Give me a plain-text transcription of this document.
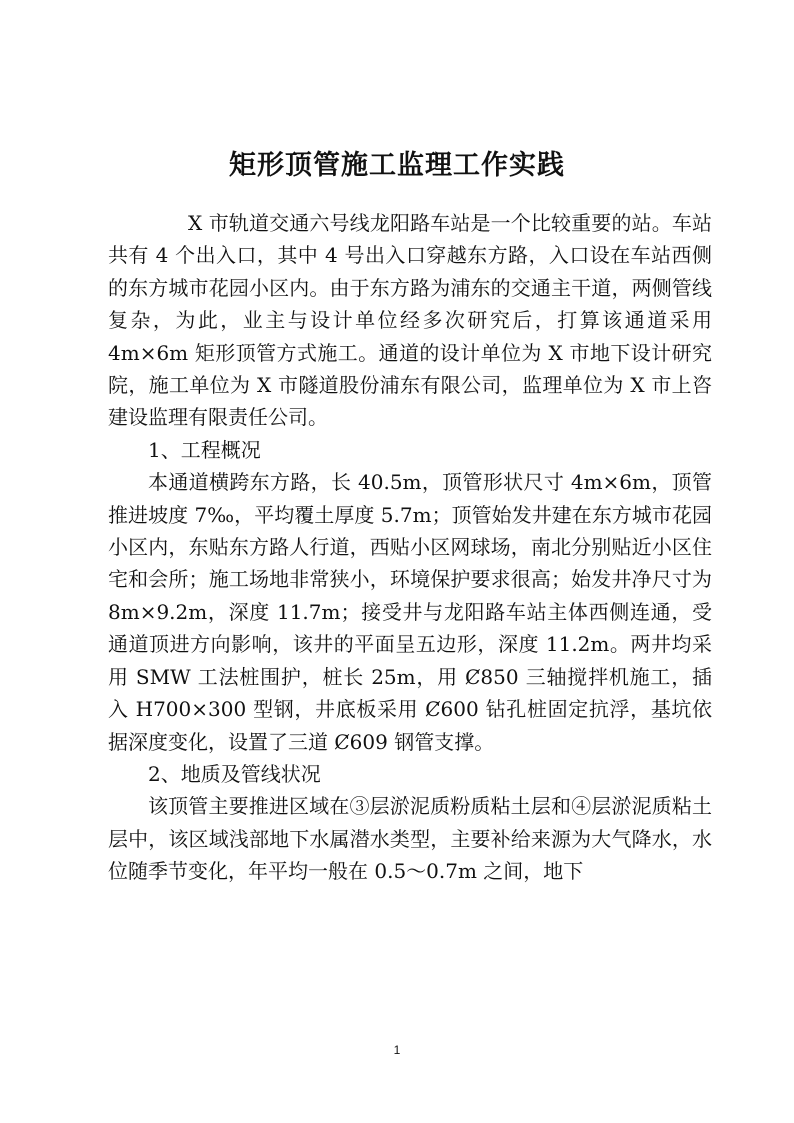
矩形顶管施工监理工作实践

X 市轨道交通六号线龙阳路车站是一个比较重要的站。车站共有 4 个出入口，其中 4 号出入口穿越东方路，入口设在车站西侧的东方城市花园小区内。由于东方路为浦东的交通主干道，两侧管线复杂，为此，业主与设计单位经多次研究后，打算该通道采用 4m×6m 矩形顶管方式施工。通道的设计单位为 X 市地下设计研究院，施工单位为 X 市隧道股份浦东有限公司，监理单位为 X 市上咨建设监理有限责任公司。

1、工程概况

本通道横跨东方路，长 40.5m，顶管形状尺寸 4m×6m，顶管推进坡度 7‰，平均覆土厚度 5.7m；顶管始发井建在东方城市花园小区内，东贴东方路人行道，西贴小区网球场，南北分别贴近小区住宅和会所；施工场地非常狭小，环境保护要求很高；始发井净尺寸为 8m×9.2m，深度 11.7m；接受井与龙阳路车站主体西侧连通，受通道顶进方向影响，该井的平面呈五边形，深度 11.2m。两井均采用 SMW 工法桩围护，桩长 25m，用 Ȼ850 三轴搅拌机施工，插入 H700×300 型钢，井底板采用 Ȼ600 钻孔桩固定抗浮，基坑依据深度变化，设置了三道 Ȼ609 钢管支撑。

2、地质及管线状况

该顶管主要推进区域在③层淤泥质粉质粘土层和④层淤泥质粘土层中，该区域浅部地下水属潜水类型，主要补给来源为大气降水，水位随季节变化，年平均一般在 0.5～0.7m 之间，地下

1
